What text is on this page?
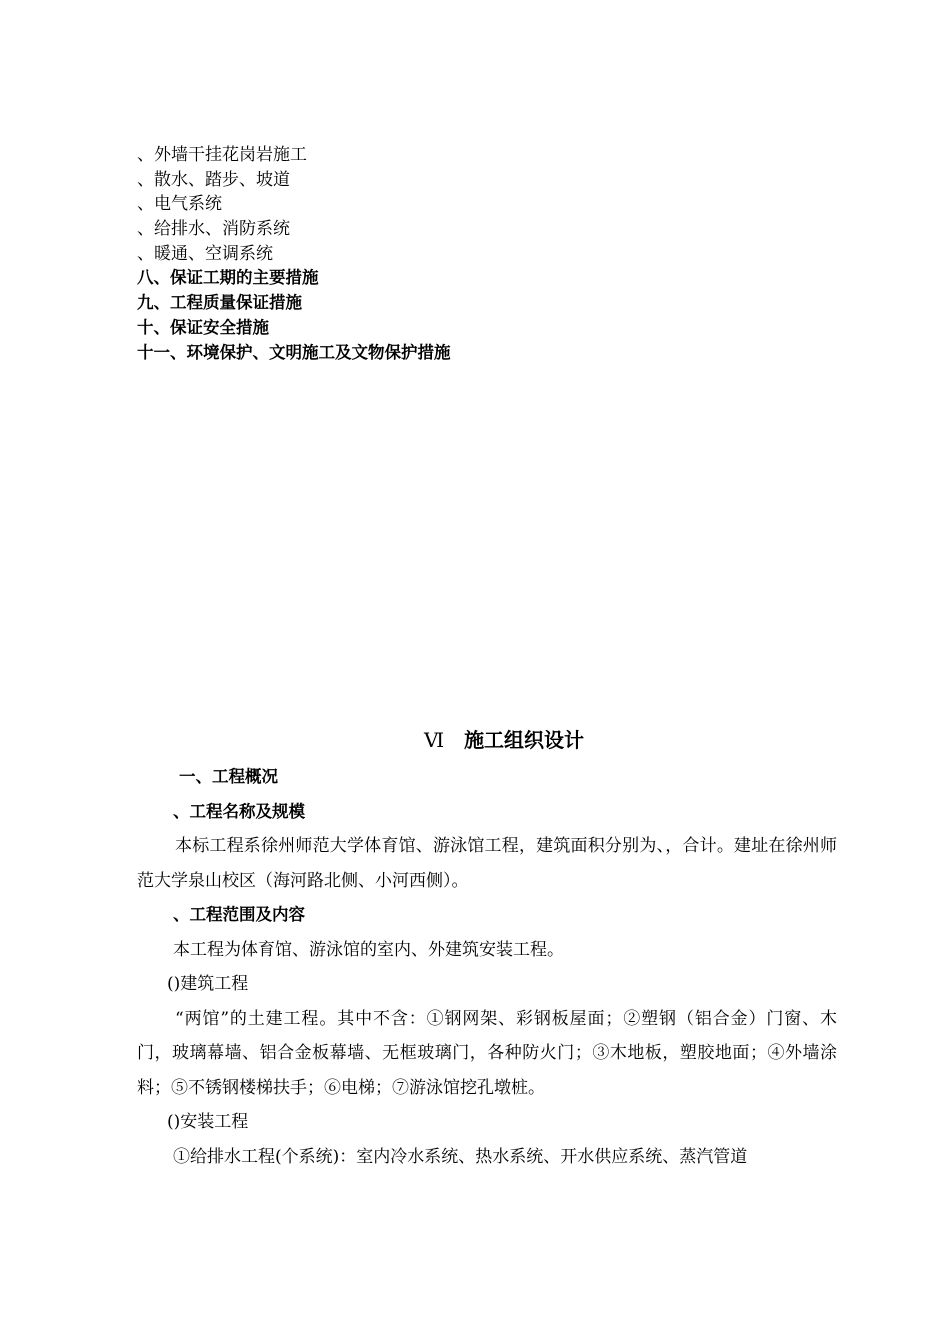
、外墙干挂花岗岩施工
、散水、踏步、坡道
、电气系统
、给排水、消防系统
、暖通、空调系统
八、保证工期的主要措施
九、工程质量保证措施
十、保证安全措施
十一、环境保护、文明施工及文物保护措施
Ⅵ 施工组织设计
一、工程概况
、工程名称及规模

本标工程系徐州师范大学体育馆、游泳馆工程，建筑面积分别为、，合计。建址在徐州师范大学泉山校区（海河路北侧、小河西侧）。

、工程范围及内容
本工程为体育馆、游泳馆的室内、外建筑安装工程。
()建筑工程

“两馆”的土建工程。其中不含：①钢网架、彩钢板屋面；②塑钢（铝合金）门窗、木门，玻璃幕墙、铝合金板幕墙、无框玻璃门，各种防火门；③木地板，塑胶地面；④外墙涂料；⑤不锈钢楼梯扶手；⑥电梯；⑦游泳馆挖孔墩桩。

()安装工程
①给排水工程(个系统)：室内冷水系统、热水系统、开水供应系统、蒸汽管道
